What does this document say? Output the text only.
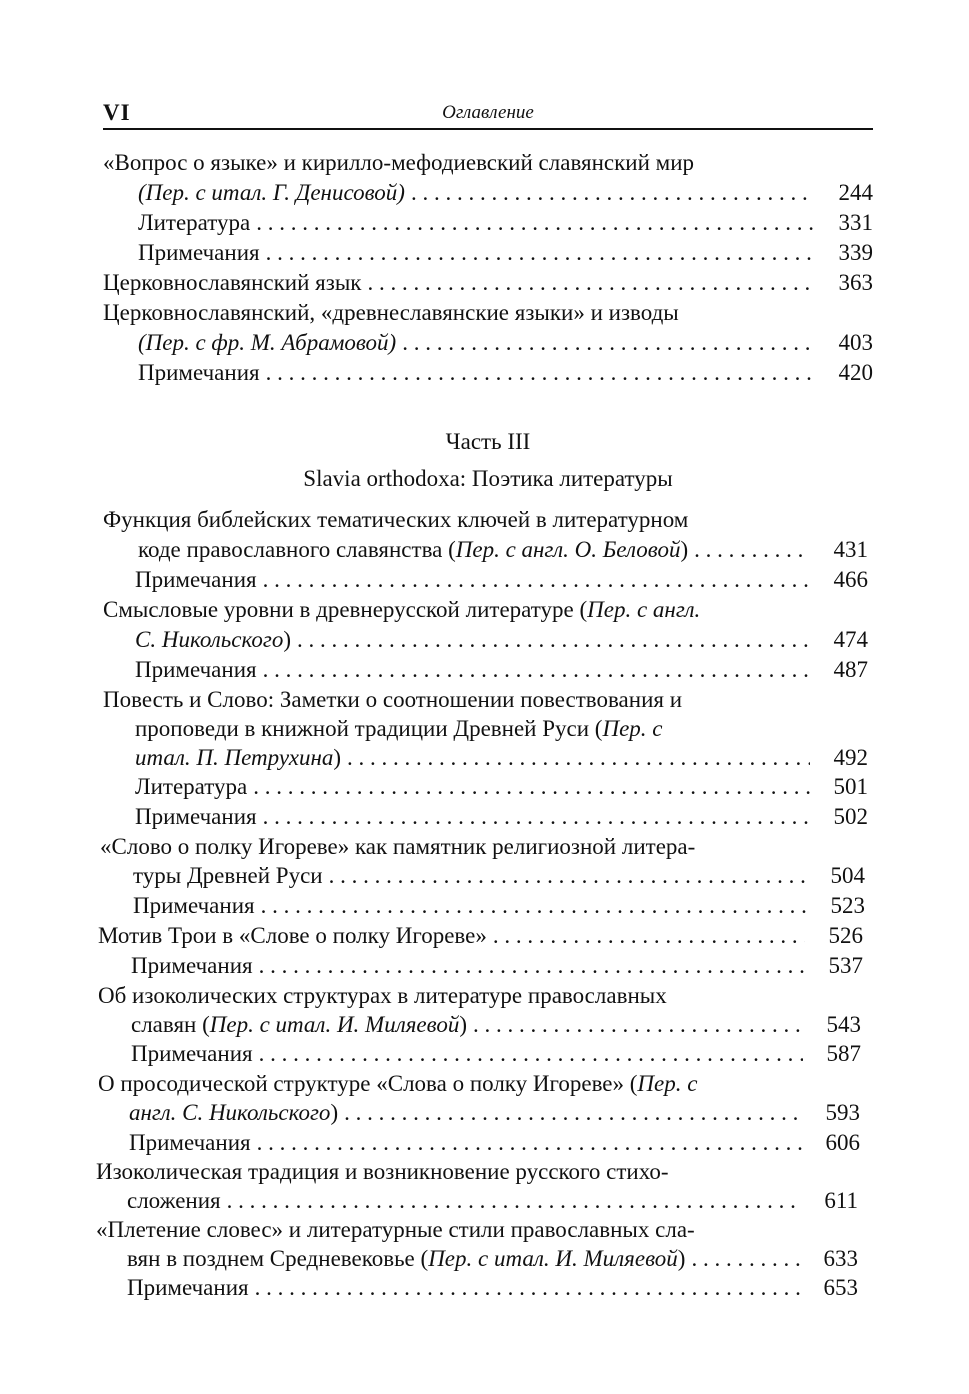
VI	Оглавление
«Вопрос о языке» и кирилло-мефодиевский славянский мир
(Пер. с итал. Г. Денисовой) . . .	244
Литература . . .	331
Примечания . . .	339
Церковнославянский язык . . .	363
Церковнославянский, «древнеславянские языки» и изводы
(Пер. с фр. М. Абрамовой) . . .	403
Примечания . . .	420
Часть III
Slavia orthodoxa: Поэтика литературы
Функция библейских тематических ключей в литературном
коде православного славянства ( Пер. с англ. О. Беловой ) . . .	431
Примечания . . .	466
Смысловые уровни в древнерусской литературе (Пер. с англ.
С. Никольского ) . . .	474
Примечания . . .	487
Повесть и Слово: Заметки о соотношении повествования и
проповеди в книжной традиции Древней Руси (Пер. с
итал. П. Петрухина ) . . .	492
Литература . . .	501
Примечания . . .	502
«Слово о полку Игореве» как памятник религиозной литера-
туры Древней Руси . . .	504
Примечания . . .	523
Мотив Трои в «Слове о полку Игореве» . . .	526
Примечания . . .	537
Об изоколических структурах в литературе православных
славян ( Пер. с итал. И. Миляевой ) . . .	543
Примечания . . .	587
О просодической структуре «Слова о полку Игореве» (Пер. с
англ. С. Никольского ) . . .	593
Примечания . . .	606
Изоколическая традиция и возникновение русского стихо-
сложения . . .	611
«Плетение словес» и литературные стили православных сла-
вян в позднем Средневековье ( Пер. с итал. И. Миляевой ) . . .	633
Примечания . . .	653
